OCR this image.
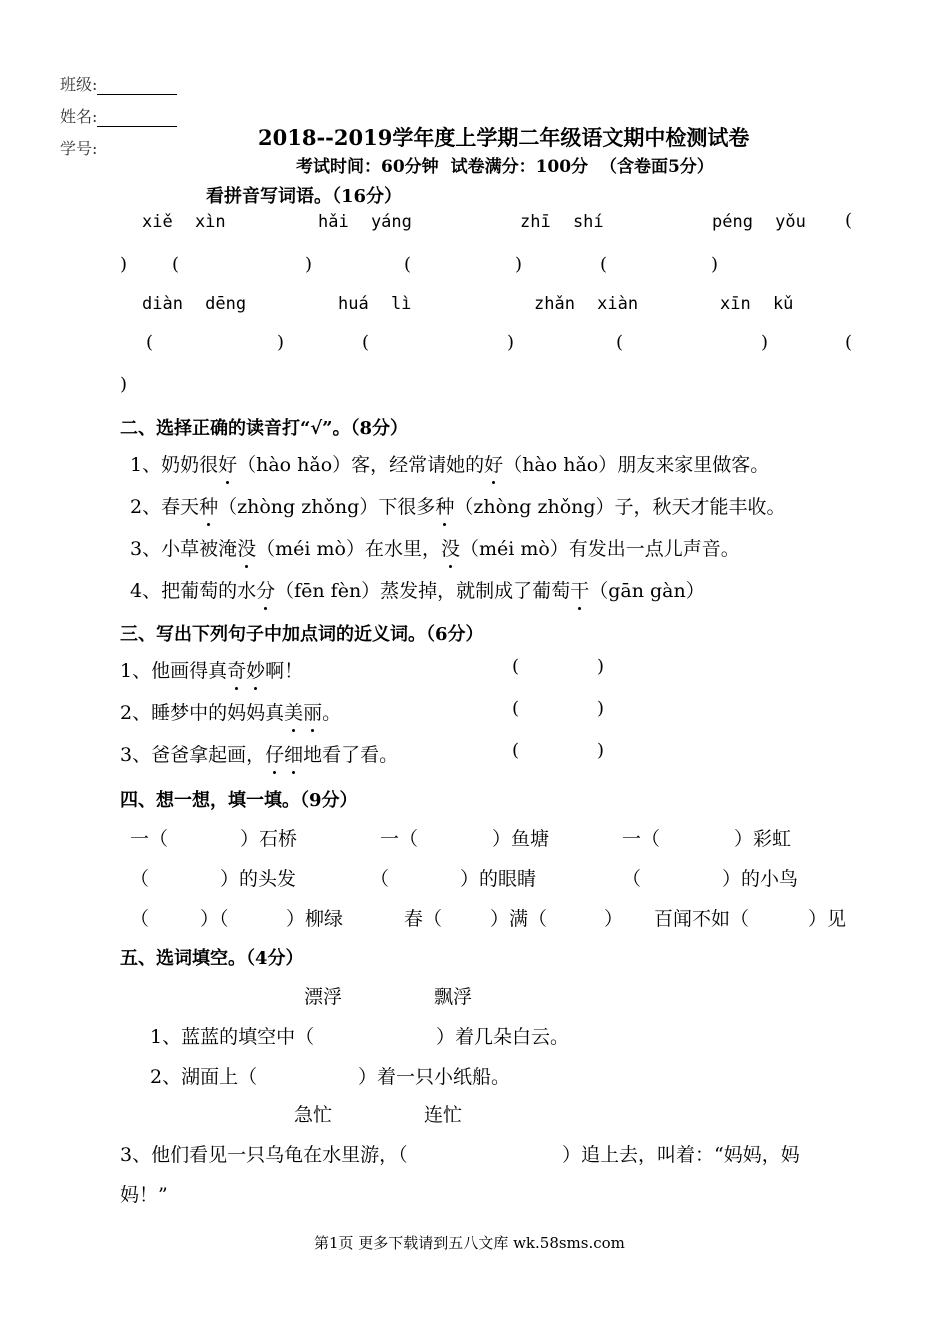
班级:
姓名:
学号:	2018--2019学年度上学期二年级语文期中检测试卷
考试时间：60分钟 试卷满分：100分 （含卷面5分）
看拼音写词语。（16分）
xiě xìn	hǎi yáng	zhī shí	péng yǒu (
) (	)	(	)	(	)
diàn dēng	huá lì	zhǎn xiàn	xīn kǔ
(	)	(	)	(	)	(
)
二、选择正确的读音打“√”。（8分）
1、奶奶很好（hào hǎo）客，经常请她的好（hào hǎo）朋友来家里做客。
2、春天种（zhòng zhǒng）下很多种（zhòng zhǒng）子，秋天才能丰收。
3、小草被淹没（méi mò）在水里，没（méi mò）有发出一点儿声音。
4、把葡萄的水分（fēn fèn）蒸发掉，就制成了葡萄干（gān gàn）
三、写出下列句子中加点词的近义词。（6分）
1、他画得真奇妙啊！	(	)
2、睡梦中的妈妈真美丽。	(	)
3、爸爸拿起画，仔细地看了看。	(	)
四、想一想，填一填。（9分）
一（	）石桥	一（	）鱼塘	一（	）彩虹
（	）的头发	（	）的眼睛	（	）的小鸟
（	）（	）柳绿	春（	）满（	） 百闻不如（	）见
五、选词填空。（4分）
漂浮	飘浮
1、蓝蓝的填空中（	）着几朵白云。
2、湖面上（	）着一只小纸船。
急忙	连忙
3、他们看见一只乌龟在水里游，（	）追上去，叫着：“妈妈，妈
妈！”
第1页 更多下载请到五八文库 wk.58sms.com
